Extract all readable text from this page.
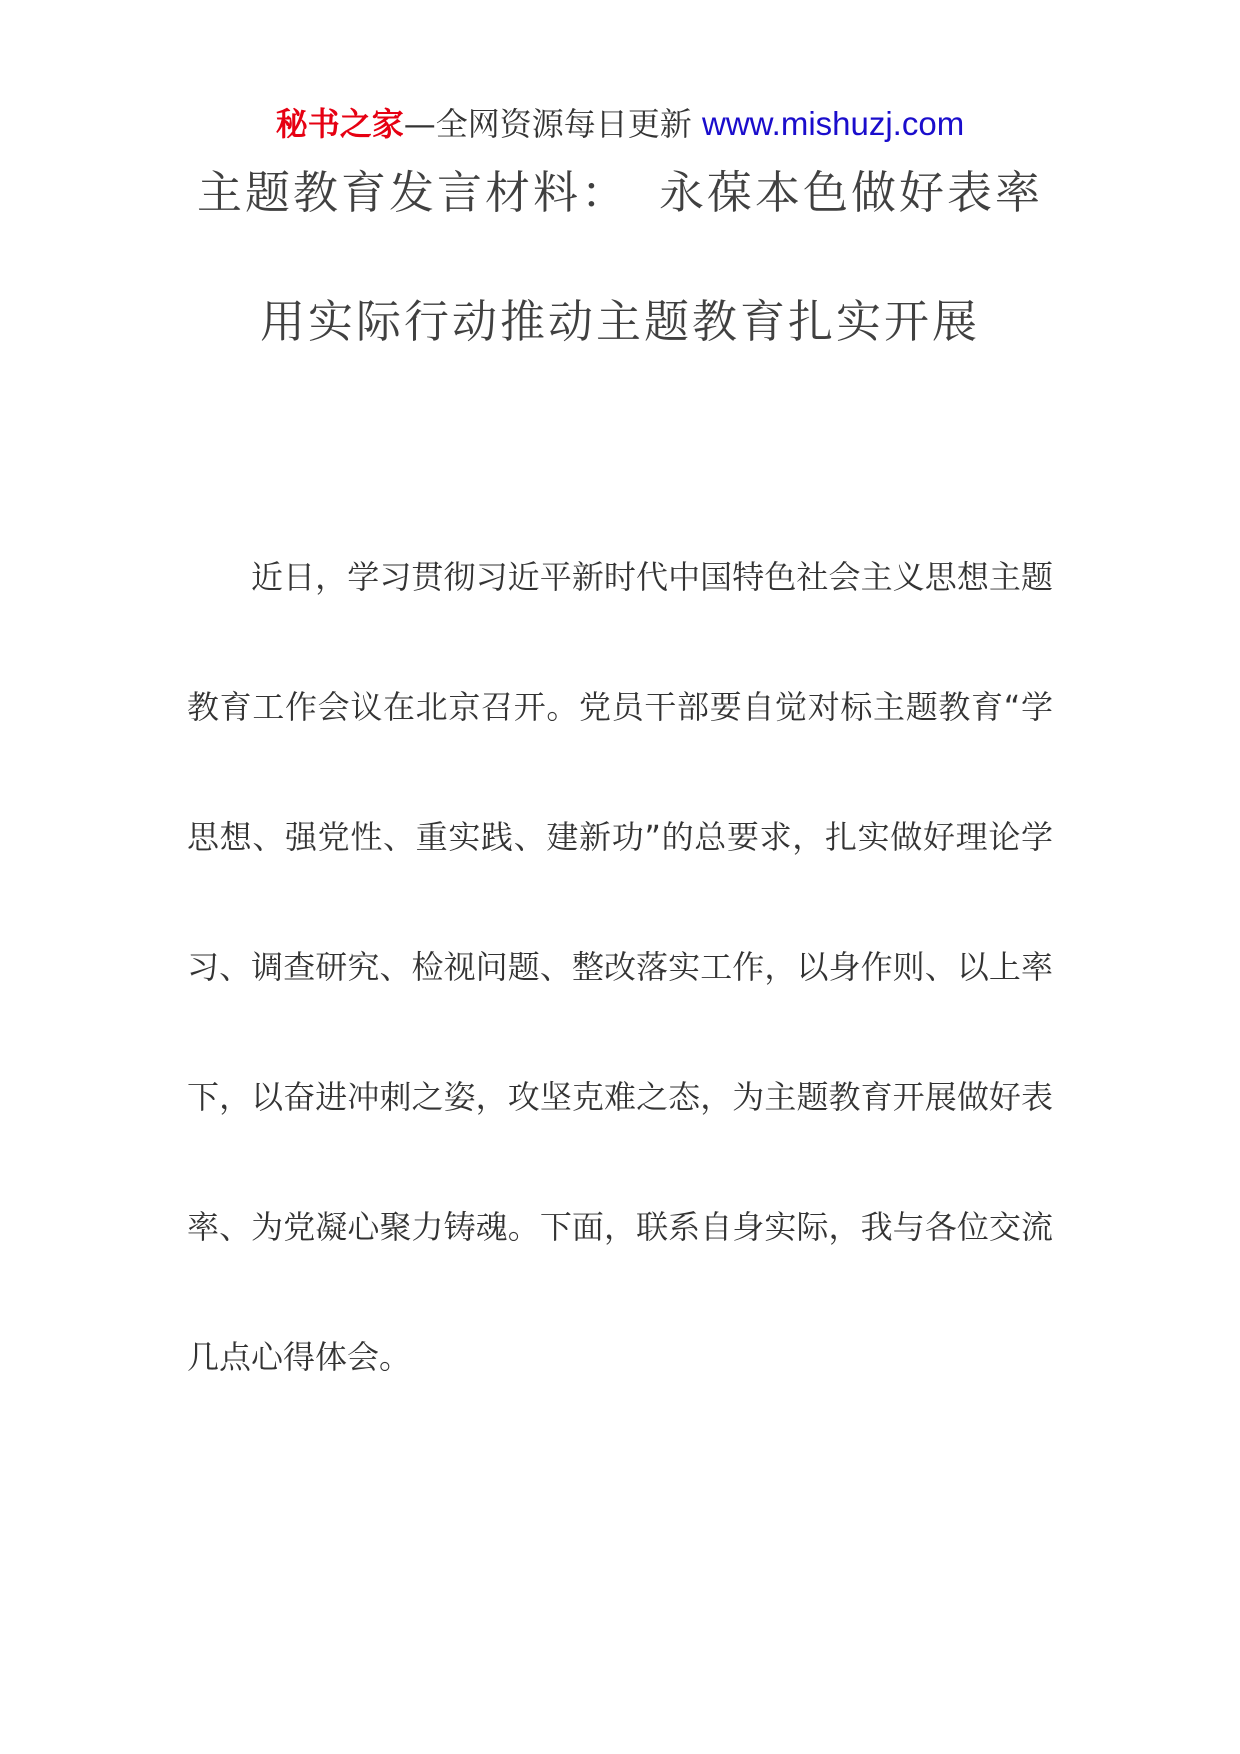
秘书之家—全网资源每日更新 www.mishuzj.com
主题教育发言材料： 永葆本色做好表率
用实际行动推动主题教育扎实开展

近日，学习贯彻习近平新时代中国特色社会主义思想主题教育工作会议在北京召开。党员干部要自觉对标主题教育“学思想、强党性、重实践、建新功”的总要求，扎实做好理论学习、调查研究、检视问题、整改落实工作，以身作则、以上率下，以奋进冲刺之姿，攻坚克难之态，为主题教育开展做好表率、为党凝心聚力铸魂。下面，联系自身实际，我与各位交流几点心得体会。
